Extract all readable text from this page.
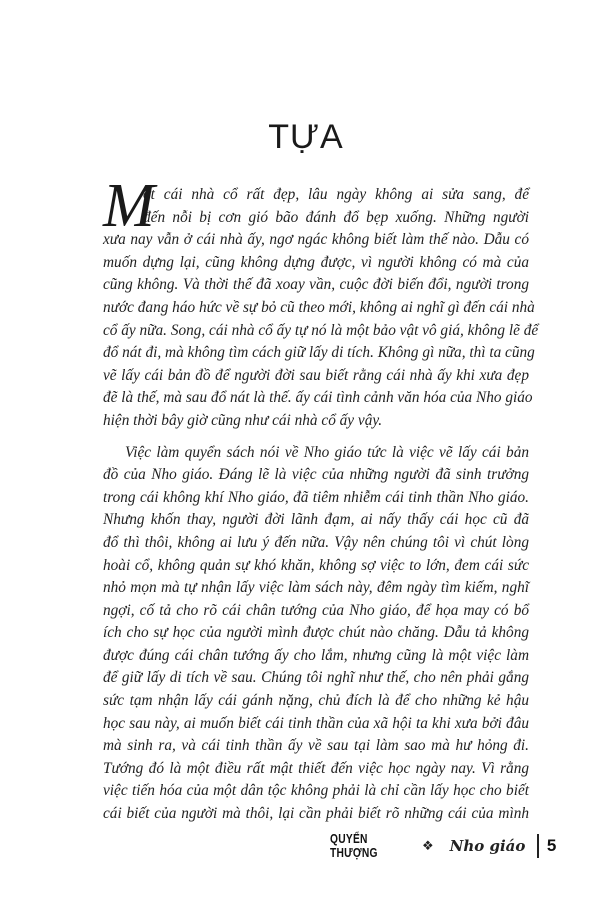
TỰA
M
ột cái nhà cổ rất đẹp, lâu ngày không ai sửa sang, để
đến nỗi bị cơn gió bão đánh đổ bẹp xuống. Những người
xưa nay vẫn ở cái nhà ấy, ngơ ngác không biết làm thế nào. Dẫu có
muốn dựng lại, cũng không dựng được, vì người không có mà của
cũng không. Và thời thế đã xoay vần, cuộc đời biến đổi, người trong
nước đang háo hức về sự bỏ cũ theo mới, không ai nghĩ gì đến cái nhà
cổ ấy nữa. Song, cái nhà cổ ấy tự nó là một bảo vật vô giá, không lẽ để
đổ nát đi, mà không tìm cách giữ lấy di tích. Không gì nữa, thì ta cũng
vẽ lấy cái bản đồ để người đời sau biết rằng cái nhà ấy khi xưa đẹp
đẽ là thế, mà sau đổ nát là thế. ấy cái tình cảnh văn hóa của Nho giáo
hiện thời bây giờ cũng như cái nhà cổ ấy vậy.
Việc làm quyển sách nói về Nho giáo tức là việc vẽ lấy cái bản
đồ của Nho giáo. Đáng lẽ là việc của những người đã sinh trưởng
trong cái không khí Nho giáo, đã tiêm nhiễm cái tinh thần Nho giáo.
Nhưng khốn thay, người đời lãnh đạm, ai nấy thấy cái học cũ đã
đổ thì thôi, không ai lưu ý đến nữa. Vậy nên chúng tôi vì chút lòng
hoài cổ, không quản sự khó khăn, không sợ việc to lớn, đem cái sức
nhỏ mọn mà tự nhận lấy việc làm sách này, đêm ngày tìm kiếm, nghĩ
ngợi, cố tả cho rõ cái chân tướng của Nho giáo, để họa may có bổ
ích cho sự học của người mình được chút nào chăng. Dẫu tả không
được đúng cái chân tướng ấy cho lắm, nhưng cũng là một việc làm
để giữ lấy di tích về sau. Chúng tôi nghĩ như thế, cho nên phải gắng
sức tạm nhận lấy cái gánh nặng, chủ đích là để cho những kẻ hậu
học sau này, ai muốn biết cái tinh thần của xã hội ta khi xưa bởi đâu
mà sinh ra, và cái tinh thần ấy về sau tại làm sao mà hư hỏng đi.
Tướng đó là một điều rất mật thiết đến việc học ngày nay. Vì rằng
việc tiến hóa của một dân tộc không phải là chỉ cần lấy học cho biết
cái biết của người mà thôi, lại cần phải biết rõ những cái của mình
QUYỂN THƯỢNG	❖ Nho giáo 5
